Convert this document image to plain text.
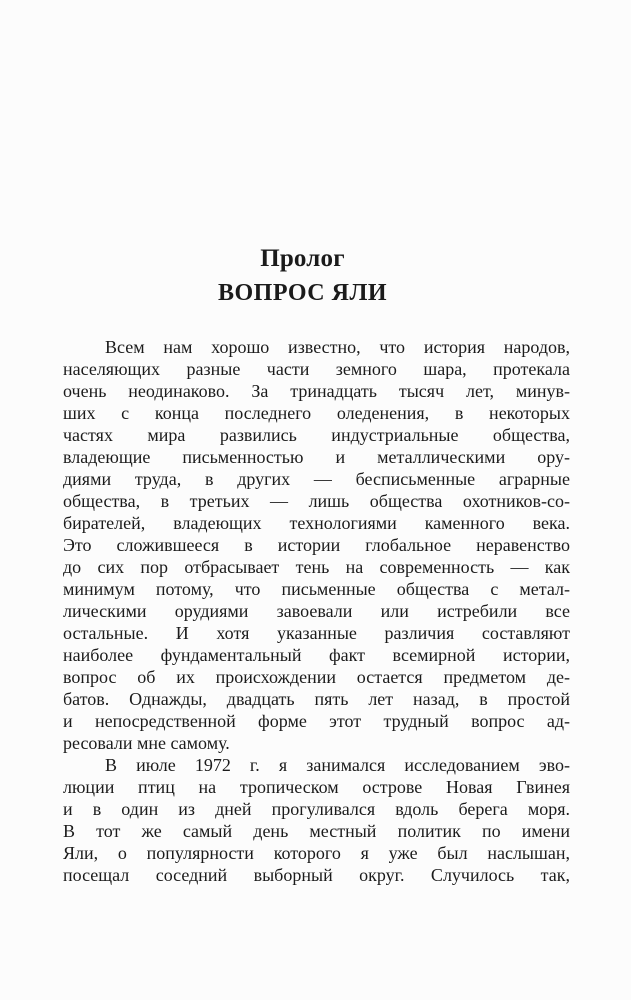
Пролог
ВОПРОС ЯЛИ
Всем нам хорошо известно, что история народов,
населяющих разные части земного шара, протекала
очень неодинаково. За тринадцать тысяч лет, минув-
ших с конца последнего оледенения, в некоторых
частях мира развились индустриальные общества,
владеющие письменностью и металлическими ору-
диями труда, в других — бесписьменные аграрные
общества, в третьих — лишь общества охотников-со-
бирателей, владеющих технологиями каменного века.
Это сложившееся в истории глобальное неравенство
до сих пор отбрасывает тень на современность — как
минимум потому, что письменные общества с метал-
лическими орудиями завоевали или истребили все
остальные. И хотя указанные различия составляют
наиболее фундаментальный факт всемирной истории,
вопрос об их происхождении остается предметом де-
батов. Однажды, двадцать пять лет назад, в простой
и непосредственной форме этот трудный вопрос ад-
ресовали мне самому.
В июле 1972 г. я занимался исследованием эво-
люции птиц на тропическом острове Новая Гвинея
и в один из дней прогуливался вдоль берега моря.
В тот же самый день местный политик по имени
Яли, о популярности которого я уже был наслышан,
посещал соседний выборный округ. Случилось так,
